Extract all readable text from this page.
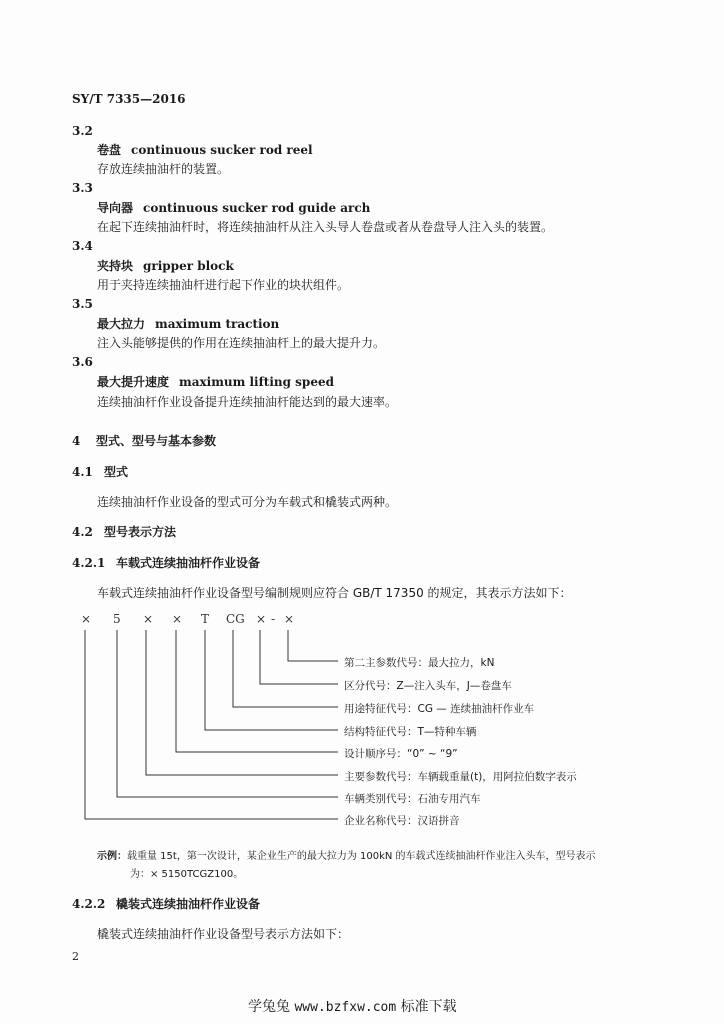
SY/T 7335—2016
3.2
卷盘 continuous sucker rod reel
存放连续抽油杆的装置。
3.3
导向器 continuous sucker rod guide arch
在起下连续抽油杆时，将连续抽油杆从注入头导人卷盘或者从卷盘导人注入头的装置。
3.4
夹持块 gripper block
用于夹持连续抽油杆进行起下作业的块状组件。
3.5
最大拉力 maximum traction
注入头能够提供的作用在连续抽油杆上的最大提升力。
3.6
最大提升速度 maximum lifting speed
连续抽油杆作业设备提升连续抽油杆能达到的最大速率。
4 型式、型号与基本参数
4.1 型式
连续抽油杆作业设备的型式可分为车载式和橇装式两种。
4.2 型号表示方法
4.2.1 车载式连续抽油杆作业设备
车载式连续抽油杆作业设备型号编制规则应符合 GB/T 17350 的规定，其表示方法如下：
× 5 × × T CG × - ×
第二主参数代号：最大拉力，kN
区分代号：Z—注入头车，J—卷盘车
用途特征代号：CG — 连续抽油杆作业车
结构特征代号：T—特种车辆
设计顺序号：“0” ~ “9”
主要参数代号：车辆载重量(t)，用阿拉伯数字表示
车辆类别代号：石油专用汽车
企业名称代号：汉语拼音
示例：载重量 15t，第一次设计，某企业生产的最大拉力为 100kN 的车载式连续抽油杆作业注入头车，型号表示
为：× 5150TCGZ100。
4.2.2 橇装式连续抽油杆作业设备
橇装式连续抽油杆作业设备型号表示方法如下：
2
学兔兔 www.bzfxw.com 标准下载
